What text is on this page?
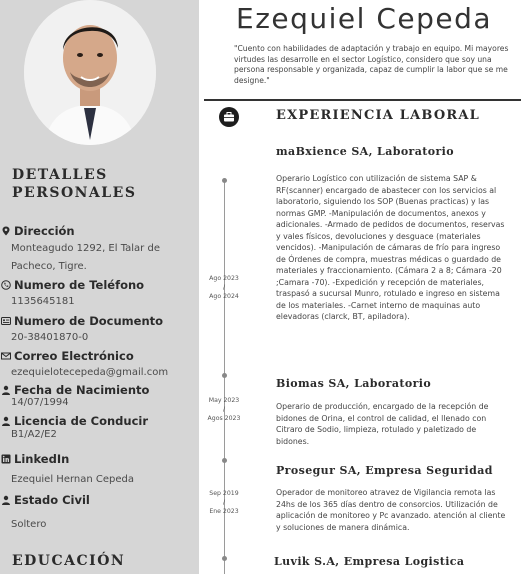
DETALLES PERSONALES
Dirección
Monteagudo 1292, El Talar de Pacheco, Tigre.
Numero de Teléfono
1135645181
Numero de Documento
20-38401870-0
Correo Electrónico
ezequielotecepeda@gmail.com
Fecha de Nacimiento
14/07/1994
Licencia de Conducir
B1/A2/E2
LinkedIn
Ezequiel Hernan Cepeda
Estado Civil
Soltero
EDUCACIÓN
Ezequiel Cepeda
"Cuento con habilidades de adaptación y trabajo en equipo. Mi mayores virtudes las desarrolle en el sector Logístico, considero que soy una persona responsable y organizada, capaz de cumplir la labor que se me designe."
EXPERIENCIA LABORAL
maBxience SA, Laboratorio
Ago 2023
/
Ago 2024
Operario Logístico con utilización de sistema SAP & RF(scanner) encargado de abastecer con los servicios al laboratorio, siguiendo los SOP (Buenas practicas) y las normas GMP. -Manipulación de documentos, anexos y adicionales. -Armado de pedidos de documentos, reservas y vales físicos, devoluciones y desguace (materiales vencidos). -Manipulación de cámaras de frío para ingreso de Órdenes de compra, muestras médicas o guardado de materiales y fraccionamiento. (Cámara 2 a 8; Cámara -20 ;Camara -70). -Expedición y recepción de materiales, traspasó a sucursal Munro, rotulado e ingreso en sistema de los materiales. -Carnet interno de maquinas auto elevadoras (clarck, BT, apiladora).
May 2023
/
Agos 2023
Biomas SA, Laboratorio
Operario de producción, encargado de la recepción de bidones de Orina, el control de calidad, el llenado con Citraro de Sodio, limpieza, rotulado y paletizado de bidones.
Sep 2019
/
Ene 2023
Prosegur SA, Empresa Seguridad
Operador de monitoreo atravez de Vigilancia remota las 24hs de los 365 días dentro de consorcios. Utilización de aplicación de monitoreo y Pc avanzado. atención al cliente y soluciones de manera dinámica.
Luvik S.A, Empresa Logistica
